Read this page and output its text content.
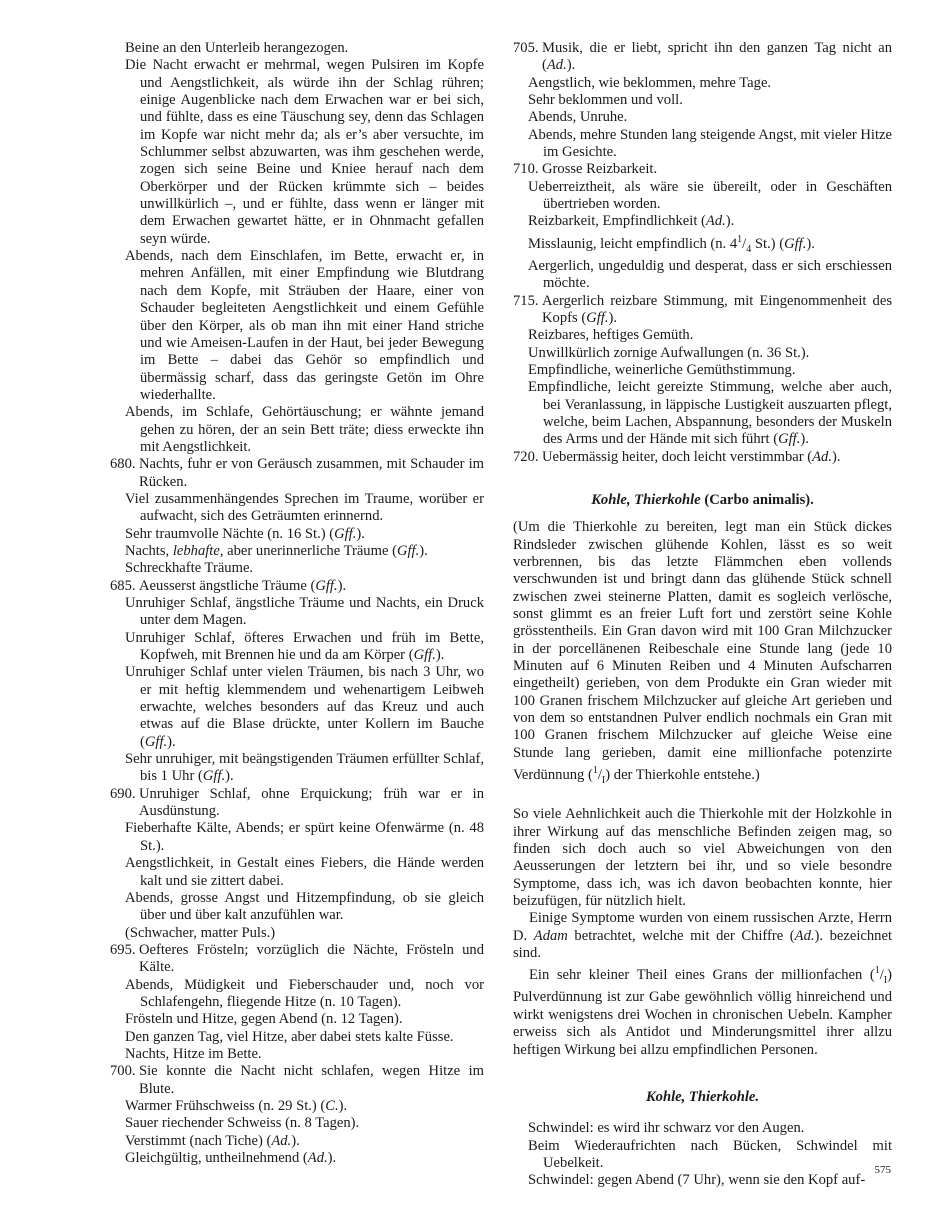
Beine an den Unterleib herangezogen.
Die Nacht erwacht er mehrmal, wegen Pulsiren im Kopfe und Aengstlichkeit, als würde ihn der Schlag rühren; einige Augenblicke nach dem Erwachen war er bei sich, und fühlte, dass es eine Täuschung sey, denn das Schlagen im Kopfe war nicht mehr da; als er’s aber versuchte, im Schlummer selbst abzuwarten, was ihm geschehen werde, zogen sich seine Beine und Kniee herauf nach dem Oberkörper und der Rücken krümmte sich – beides unwillkürlich –, und er fühlte, dass wenn er länger mit dem Erwachen gewartet hätte, er in Ohnmacht gefallen seyn würde.
Abends, nach dem Einschlafen, im Bette, erwacht er, in mehren Anfällen, mit einer Empfindung wie Blutdrang nach dem Kopfe, mit Sträuben der Haare, einer von Schauder begleiteten Aengstlichkeit und einem Gefühle über den Körper, als ob man ihn mit einer Hand striche und wie Ameisen-Laufen in der Haut, bei jeder Bewegung im Bette – dabei das Gehör so empfindlich und übermässig scharf, dass das geringste Getön im Ohre wiederhallte.
Abends, im Schlafe, Gehörtäuschung; er wähnte jemand gehen zu hören, der an sein Bett träte; diess erweckte ihn mit Aengstlichkeit.
680. Nachts, fuhr er von Geräusch zusammen, mit Schauder im Rücken.
Viel zusammenhängendes Sprechen im Traume, worüber er aufwacht, sich des Geträumten erinnernd.
Sehr traumvolle Nächte (n. 16 St.) (Gff.).
Nachts, lebhafte, aber unerinnerliche Träume (Gff.).
Schreckhafte Träume.
685. Aeusserst ängstliche Träume (Gff.).
Unruhiger Schlaf, ängstliche Träume und Nachts, ein Druck unter dem Magen.
Unruhiger Schlaf, öfteres Erwachen und früh im Bette, Kopfweh, mit Brennen hie und da am Körper (Gff.).
Unruhiger Schlaf unter vielen Träumen, bis nach 3 Uhr, wo er mit heftig klemmendem und wehenartigem Leibweh erwachte, welches besonders auf das Kreuz und auch etwas auf die Blase drückte, unter Kollern im Bauche (Gff.).
Sehr unruhiger, mit beängstigenden Träumen erfüllter Schlaf, bis 1 Uhr (Gff.).
690. Unruhiger Schlaf, ohne Erquickung; früh war er in Ausdünstung.
Fieberhafte Kälte, Abends; er spürt keine Ofenwärme (n. 48 St.).
Aengstlichkeit, in Gestalt eines Fiebers, die Hände werden kalt und sie zittert dabei.
Abends, grosse Angst und Hitzempfindung, ob sie gleich über und über kalt anzufühlen war.
(Schwacher, matter Puls.)
695. Oefteres Frösteln; vorzüglich die Nächte, Frösteln und Kälte.
Abends, Müdigkeit und Fieberschauder und, noch vor Schlafengehn, fliegende Hitze (n. 10 Tagen).
Frösteln und Hitze, gegen Abend (n. 12 Tagen).
Den ganzen Tag, viel Hitze, aber dabei stets kalte Füsse.
Nachts, Hitze im Bette.
700. Sie konnte die Nacht nicht schlafen, wegen Hitze im Blute.
Warmer Frühschweiss (n. 29 St.) (C.).
Sauer riechender Schweiss (n. 8 Tagen).
Verstimmt (nach Tiche) (Ad.).
Gleichgültig, untheilnehmend (Ad.).
705. Musik, die er liebt, spricht ihn den ganzen Tag nicht an (Ad.).
Aengstlich, wie beklommen, mehre Tage.
Sehr beklommen und voll.
Abends, Unruhe.
Abends, mehre Stunden lang steigende Angst, mit vieler Hitze im Gesichte.
710. Grosse Reizbarkeit.
Ueberreiztheit, als wäre sie übereilt, oder in Geschäften übertrieben worden.
Reizbarkeit, Empfindlichkeit (Ad.).
Misslaunig, leicht empfindlich (n. $4^1/_4$ St.) (Gff.).
Aergerlich, ungeduldig und desperat, dass er sich erschiessen möchte.
715. Aergerlich reizbare Stimmung, mit Eingenommenheit des Kopfs (Gff.).
Reizbares, heftiges Gemüth.
Unwillkürlich zornige Aufwallungen (n. 36 St.).
Empfindliche, weinerliche Gemüthstimmung.
Empfindliche, leicht gereizte Stimmung, welche aber auch, bei Veranlassung, in läppische Lustigkeit auszuarten pflegt, welche, beim Lachen, Abspannung, besonders der Muskeln des Arms und der Hände mit sich führt (Gff.).
720. Uebermässig heiter, doch leicht verstimmbar (Ad.).
Kohle, Thierkohle (Carbo animalis).
(Um die Thierkohle zu bereiten, legt man ein Stück dickes Rindsleder zwischen glühende Kohlen, lässt es so weit verbrennen, bis das letzte Flämmchen eben vollends verschwunden ist und bringt dann das glühende Stück schnell zwischen zwei steinerne Platten, damit es sogleich verlösche, sonst glimmt es an freier Luft fort und zerstört seine Kohle grösstentheils. Ein Gran davon wird mit 100 Gran Milchzucker in der porcellänenen Reibeschale eine Stunde lang (jede 10 Minuten auf 6 Minuten Reiben und 4 Minuten Aufscharren eingetheilt) gerieben, von dem Produkte ein Gran wieder mit 100 Granen frischem Milchzucker auf gleiche Art gerieben und von dem so entstandnen Pulver endlich nochmals ein Gran mit 100 Granen frischem Milchzucker auf gleiche Weise eine Stunde lang gerieben, damit eine millionfache potenzirte Verdünnung $(^1/_I)$ der Thierkohle entstehe.)
So viele Aehnlichkeit auch die Thierkohle mit der Holzkohle in ihrer Wirkung auf das menschliche Befinden zeigen mag, so finden sich doch auch so viel Abweichungen von den Aeusserungen der letztern bei ihr, und so viele besondre Symptome, dass ich, was ich davon beobachten konnte, hier beizufügen, für nützlich hielt.
Einige Symptome wurden von einem russischen Arzte, Herrn D. Adam betrachtet, welche mit der Chiffre (Ad.). bezeichnet sind.
Ein sehr kleiner Theil eines Grans der millionfachen $(^1/_I)$ Pulverdünnung ist zur Gabe gewöhnlich völlig hinreichend und wirkt wenigstens drei Wochen in chronischen Uebeln. Kampher erweiss sich als Antidot und Minderungsmittel ihrer allzu heftigen Wirkung bei allzu empfindlichen Personen.
Kohle, Thierkohle.
Schwindel: es wird ihr schwarz vor den Augen.
Beim Wiederaufrichten nach Bücken, Schwindel mit Uebelkeit.
Schwindel: gegen Abend (7 Uhr), wenn sie den Kopf auf-
575
